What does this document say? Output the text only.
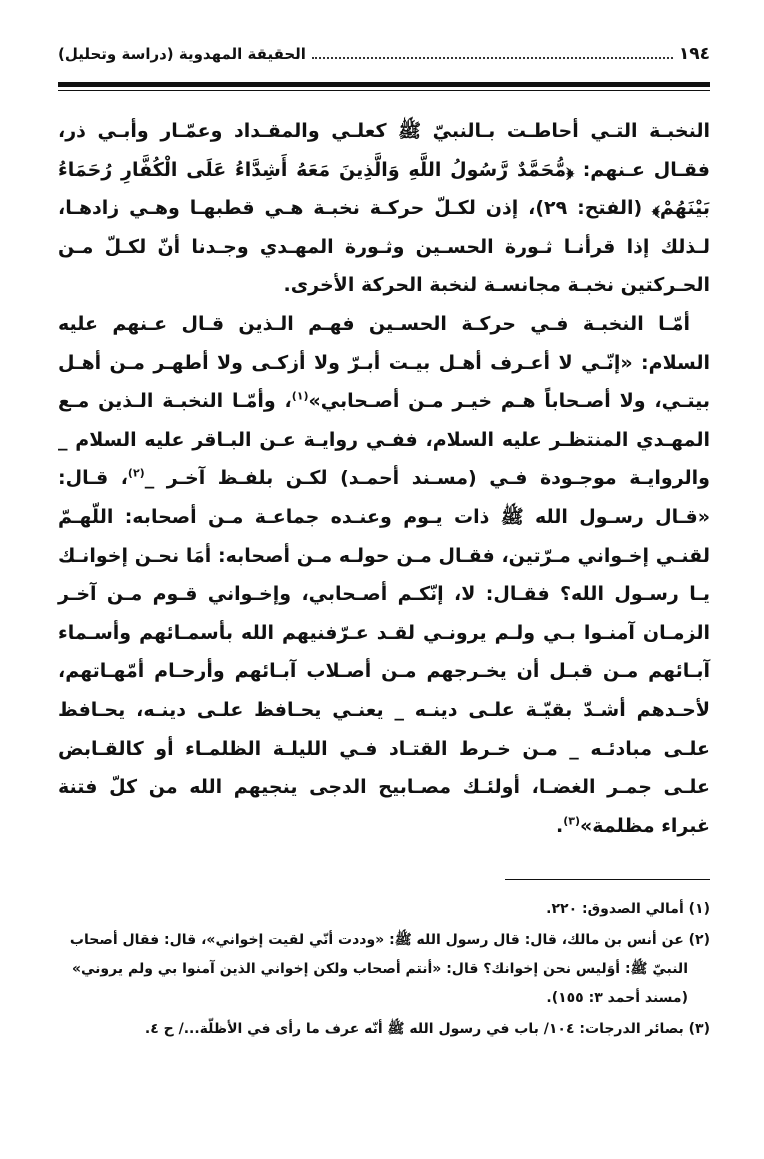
١٩٤
الحقيقة المهدوية (دراسة وتحليل)

النخبـة التـي أحاطـت بـالنبيّ ﷺ كعلـي والمقـداد وعمّـار وأبـي ذر، فقـال عـنهم: ﴿مُّحَمَّدٌ رَّسُولُ اللَّهِ وَالَّذِينَ مَعَهُ أَشِدَّاءُ عَلَى الْكُفَّارِ رُحَمَاءُ بَيْنَهُمْ﴾ (الفتح: ٢٩)، إذن لكـلّ حركـة نخبـة هـي قطبهـا وهـي زادهـا، لـذلك إذا قرأنـا ثـورة الحسـين وثـورة المهـدي وجـدنا أنّ لكـلّ مـن الحـركتين نخبـة مجانسـة لنخبة الحركة الأخرى.

أمّـا النخبـة فـي حركـة الحسـين فهـم الـذين قـال عـنهم عليه السلام: «إنّـي لا أعـرف أهـل بيـت أبـرّ ولا أزكـى ولا أطهـر مـن أهـل بيتـي، ولا أصـحاباً هـم خيـر مـن أصـحابي»$^{(١)}$، وأمّـا النخبـة الـذين مـع المهـدي المنتظـر عليه السلام، ففـي روايـة عـن البـاقر عليه السلام _ والروايـة موجـودة فـي (مسـند أحمـد) لكـن بلفـظ آخـر _$^{(٢)}$، قـال: «قـال رسـول الله ﷺ ذات يـوم وعنـده جماعـة مـن أصحابه: اللّهـمّ لقنـي إخـواني مـرّتين، فقـال مـن حولـه مـن أصحابه: أمَا نحـن إخوانـك يـا رسـول الله؟ فقـال: لا، إنّكـم أصـحابي، وإخـواني قـوم مـن آخـر الزمـان آمنـوا بـي ولـم يرونـي لقـد عـرّفنيهم الله بأسمـائهم وأسـماء آبـائهم مـن قبـل أن يخـرجهم مـن أصـلاب آبـائهم وأرحـام أمّهـاتهم، لأحـدهم أشـدّ بقيّـة علـى دينـه _ يعنـي يحـافظ علـى دينـه، يحـافظ علـى مبادئـه _ مـن خـرط القتـاد فـي الليلـة الظلمـاء أو كالقـابض علـى جمـر الغضـا، أولئـك مصـابيح الدجى ينجيهم الله من كلّ فتنة غبراء مظلمة»$^{(٣)}$.

(١) أمالي الصدوق: ٢٢٠.

(٢) عن أنس بن مالك، قال: قال رسول الله ﷺ: «وددت أنّي لقيت إخواني»، قال: فقال أصحاب
النبيّ ﷺ: أوَليس نحن إخوانك؟ قال: «أنتم أصحاب ولكن إخواني الذين آمنوا بي ولم يروني»
(مسند أحمد ٣: ١٥٥).

(٣) بصائر الدرجات: ١٠٤/ باب في رسول الله ﷺ أنّه عرف ما رأى في الأظلّة.../ ح ٤.
